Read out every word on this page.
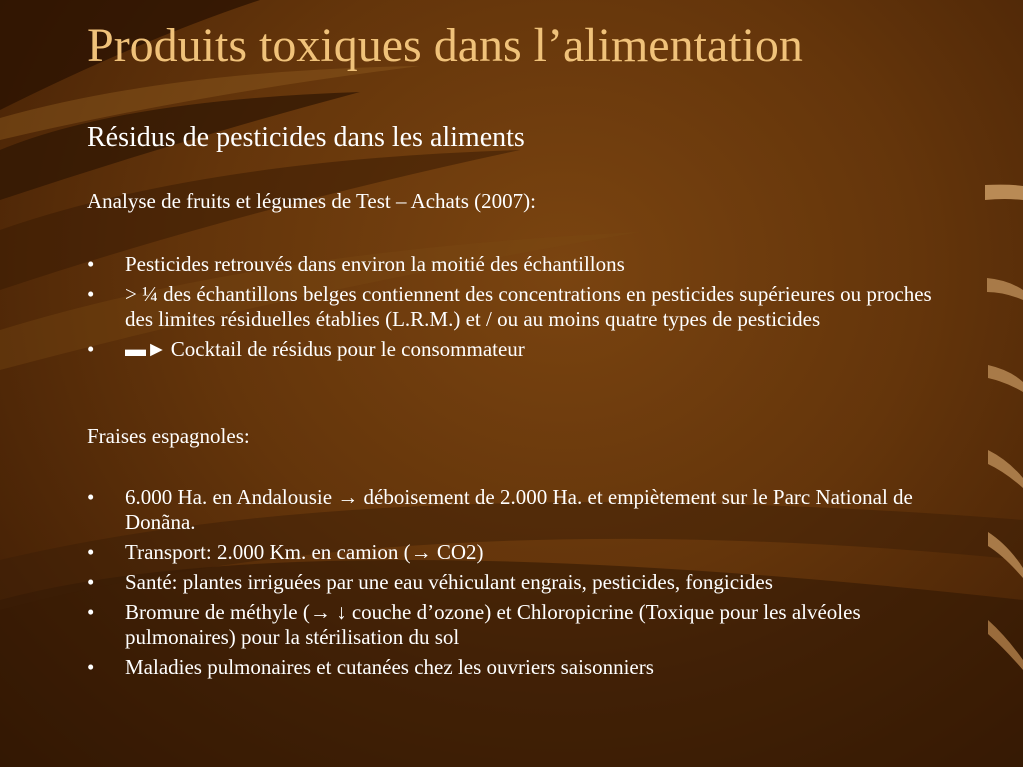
Produits toxiques dans l’alimentation
Résidus de pesticides dans les aliments

Analyse de fruits et légumes de Test – Achats (2007):

• Pesticides retrouvés dans environ la moitié des échantillons
• > ¼ des échantillons belges contiennent des concentrations en pesticides supérieures ou proches des limites résiduelles établies (L.R.M.) et / ou au moins quatre types de pesticides
• ▬► Cocktail de résidus pour le consommateur

Fraises espagnoles:

• 6.000 Ha. en Andalousie → déboisement de 2.000 Ha. et empiètement sur le Parc National de Donãna.
• Transport: 2.000 Km. en camion (→ CO2)
• Santé: plantes irriguées par une eau véhiculant engrais, pesticides, fongicides
• Bromure de méthyle (→ ↓ couche d’ozone) et Chloropicrine (Toxique pour les alvéoles pulmonaires) pour la stérilisation du sol
• Maladies pulmonaires et cutanées chez les ouvriers saisonniers
